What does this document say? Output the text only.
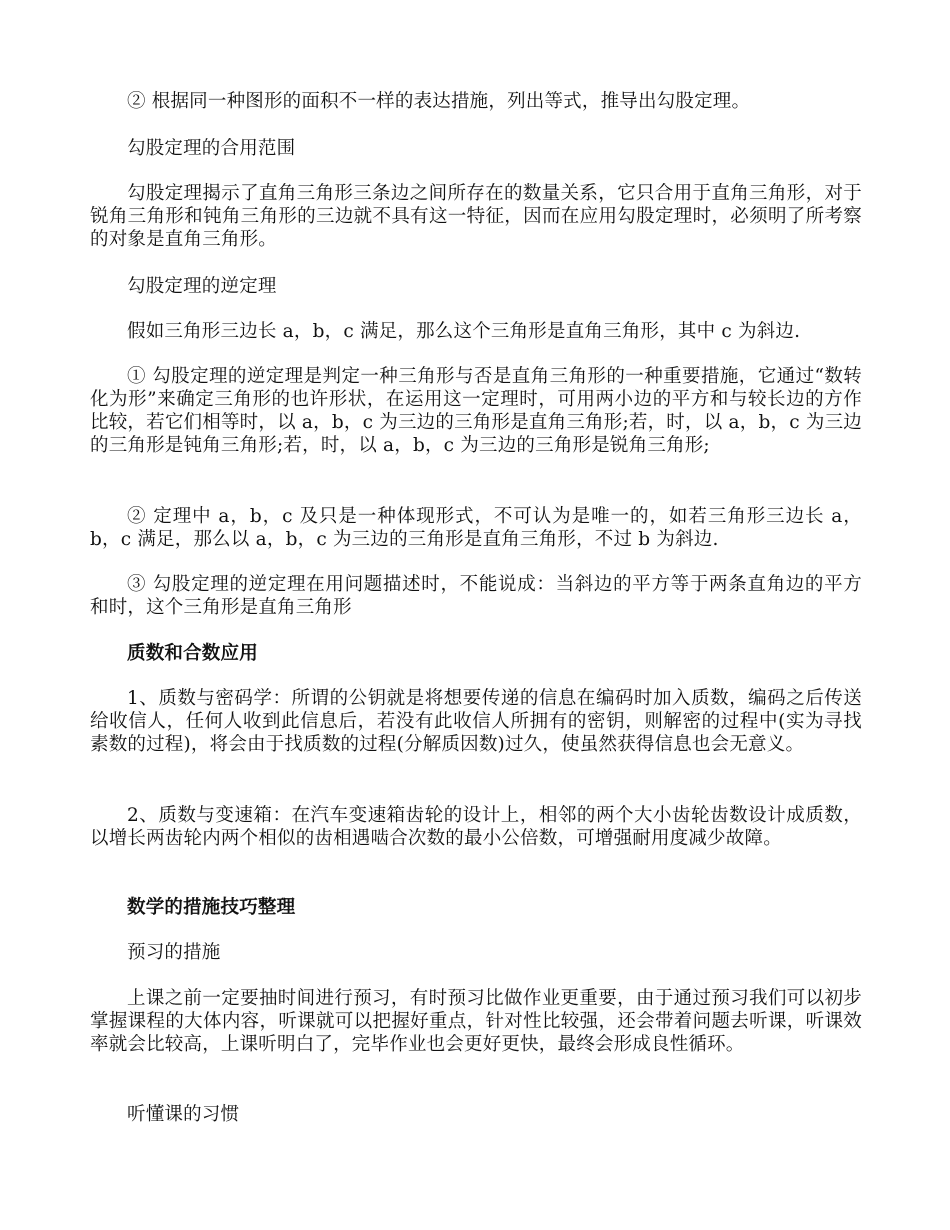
② 根据同一种图形的面积不一样的表达措施，列出等式，推导出勾股定理。

勾股定理的合用范围

勾股定理揭示了直角三角形三条边之间所存在的数量关系，它只合用于直角三角形，对于锐角三角形和钝角三角形的三边就不具有这一特征，因而在应用勾股定理时，必须明了所考察的对象是直角三角形。

勾股定理的逆定理

假如三角形三边长 a，b，c 满足，那么这个三角形是直角三角形，其中 c 为斜边.

① 勾股定理的逆定理是判定一种三角形与否是直角三角形的一种重要措施，它通过“数转化为形”来确定三角形的也许形状，在运用这一定理时，可用两小边的平方和与较长边的方作比较，若它们相等时，以 a，b，c 为三边的三角形是直角三角形;若，时，以 a，b，c 为三边的三角形是钝角三角形;若，时，以 a，b，c 为三边的三角形是锐角三角形;

② 定理中 a，b，c 及只是一种体现形式，不可认为是唯一的，如若三角形三边长 a，b，c 满足，那么以 a，b，c 为三边的三角形是直角三角形，不过 b 为斜边.

③ 勾股定理的逆定理在用问题描述时，不能说成：当斜边的平方等于两条直角边的平方和时，这个三角形是直角三角形

质数和合数应用

1、质数与密码学：所谓的公钥就是将想要传递的信息在编码时加入质数，编码之后传送给收信人，任何人收到此信息后，若没有此收信人所拥有的密钥，则解密的过程中(实为寻找素数的过程)，将会由于找质数的过程(分解质因数)过久，使虽然获得信息也会无意义。

2、质数与变速箱：在汽车变速箱齿轮的设计上，相邻的两个大小齿轮齿数设计成质数，以增长两齿轮内两个相似的齿相遇啮合次数的最小公倍数，可增强耐用度减少故障。

数学的措施技巧整理

预习的措施

上课之前一定要抽时间进行预习，有时预习比做作业更重要，由于通过预习我们可以初步掌握课程的大体内容，听课就可以把握好重点，针对性比较强，还会带着问题去听课，听课效率就会比较高，上课听明白了，完毕作业也会更好更快，最终会形成良性循环。

听懂课的习惯
